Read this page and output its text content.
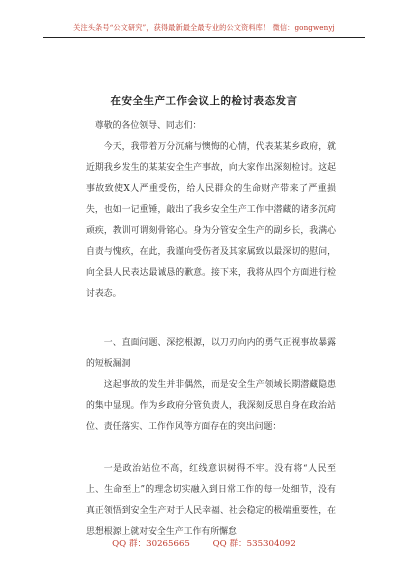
关注头条号“公文研究”，获得最新最全最专业的公文资料库！ 微信：gongwenyj
在安全生产工作会议上的检讨表态发言

尊敬的各位领导、同志们：

今天，我带着万分沉痛与懊悔的心情，代表某某乡政府，就近期我乡发生的某某安全生产事故，向大家作出深刻检讨。这起事故致使X人严重受伤，给人民群众的生命财产带来了严重损失，也如一记重锤，敲出了我乡安全生产工作中潜藏的诸多沉疴顽疾，教训可谓刻骨铭心。身为分管安全生产的副乡长，我满心自责与愧疚，在此，我谨向受伤者及其家属致以最深切的慰问，向全县人民表达最诚恳的歉意。接下来，我将从四个方面进行检讨表态。

一、直面问题、深挖根源，以刀刃向内的勇气正视事故暴露的短板漏洞

这起事故的发生并非偶然，而是安全生产领域长期潜藏隐患的集中显现。作为乡政府分管负责人，我深刻反思自身在政治站位、责任落实、工作作风等方面存在的突出问题：

一是政治站位不高，红线意识树得不牢。没有将“人民至上、生命至上”的理念切实融入到日常工作的每一处细节，没有真正领悟到安全生产对于人民幸福、社会稳定的极端重要性，在思想根源上就对安全生产工作有所懈怠

QQ 群：30265665	QQ 群：535304092
